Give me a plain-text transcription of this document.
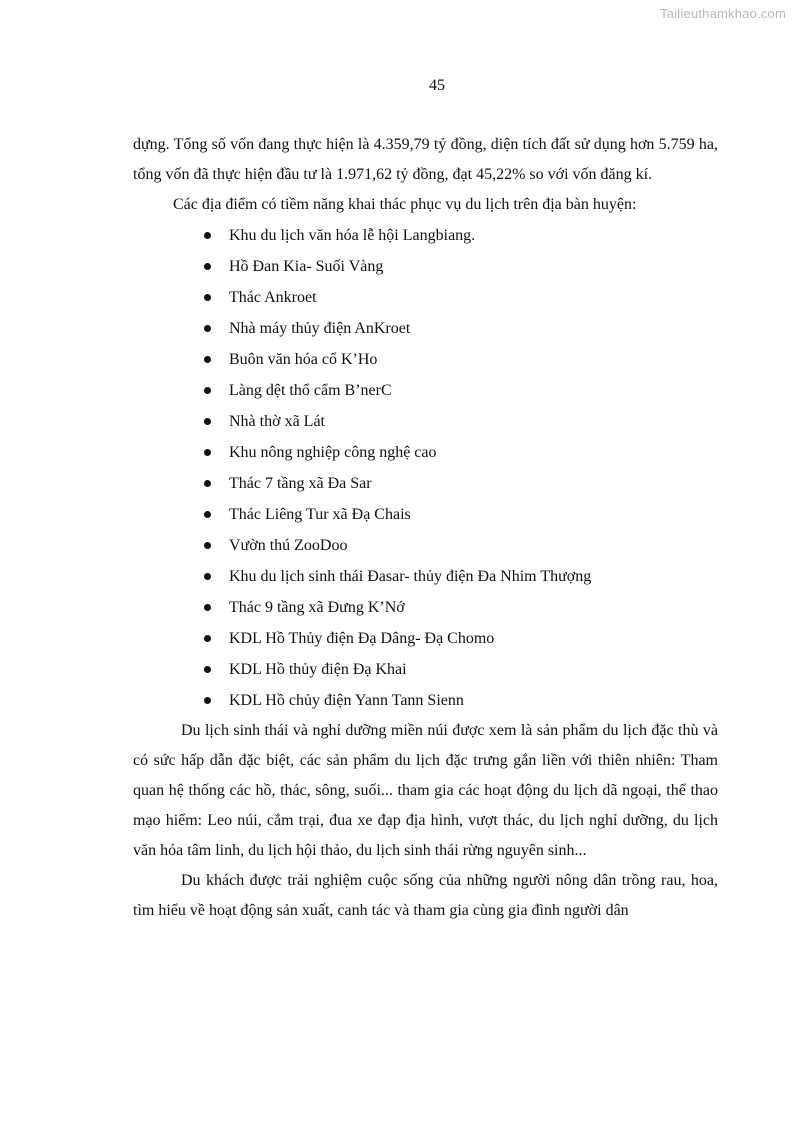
Tailieuthamkhao.com
45

dựng. Tổng số vốn đang thực hiện là 4.359,79 tỷ đồng, diện tích đất sử dụng hơn 5.759 ha, tổng vốn đã thực hiện đầu tư là 1.971,62 tỷ đồng, đạt 45,22% so với vốn đăng kí.

Các địa điểm có tiềm năng khai thác phục vụ du lịch trên địa bàn huyện:

Khu du lịch văn hóa lễ hội Langbiang.
Hồ Đan Kia- Suối Vàng
Thác Ankroet
Nhà máy thủy điện AnKroet
Buôn văn hóa cổ K’Ho
Làng dệt thổ cẩm B’nerC
Nhà thờ xã Lát
Khu nông nghiệp công nghệ cao
Thác 7 tầng xã Đa Sar
Thác Liêng Tur xã Đạ Chais
Vườn thú ZooDoo
Khu du lịch sinh thái Đasar- thủy điện Đa Nhim Thượng
Thác 9 tầng xã Đưng K’Nớ
KDL Hồ Thủy điện Đạ Dâng- Đạ Chomo
KDL Hồ thủy điện Đạ Khai
KDL Hồ chủy điện Yann Tann Sienn

Du lịch sinh thái và nghỉ dưỡng miền núi được xem là sản phẩm du lịch đặc thù và có sức hấp dẫn đặc biệt, các sản phẩm du lịch đặc trưng gắn liền với thiên nhiên: Tham quan hệ thống các hồ, thác, sông, suối... tham gia các hoạt động du lịch dã ngoại, thể thao mạo hiểm: Leo núi, cắm trại, đua xe đạp địa hình, vượt thác, du lịch nghỉ dưỡng, du lịch văn hóa tâm linh, du lịch hội thảo, du lịch sinh thái rừng nguyên sinh...

Du khách được trải nghiệm cuộc sống của những người nông dân trồng rau, hoa, tìm hiểu về hoạt động sản xuất, canh tác và tham gia cùng gia đình người dân
